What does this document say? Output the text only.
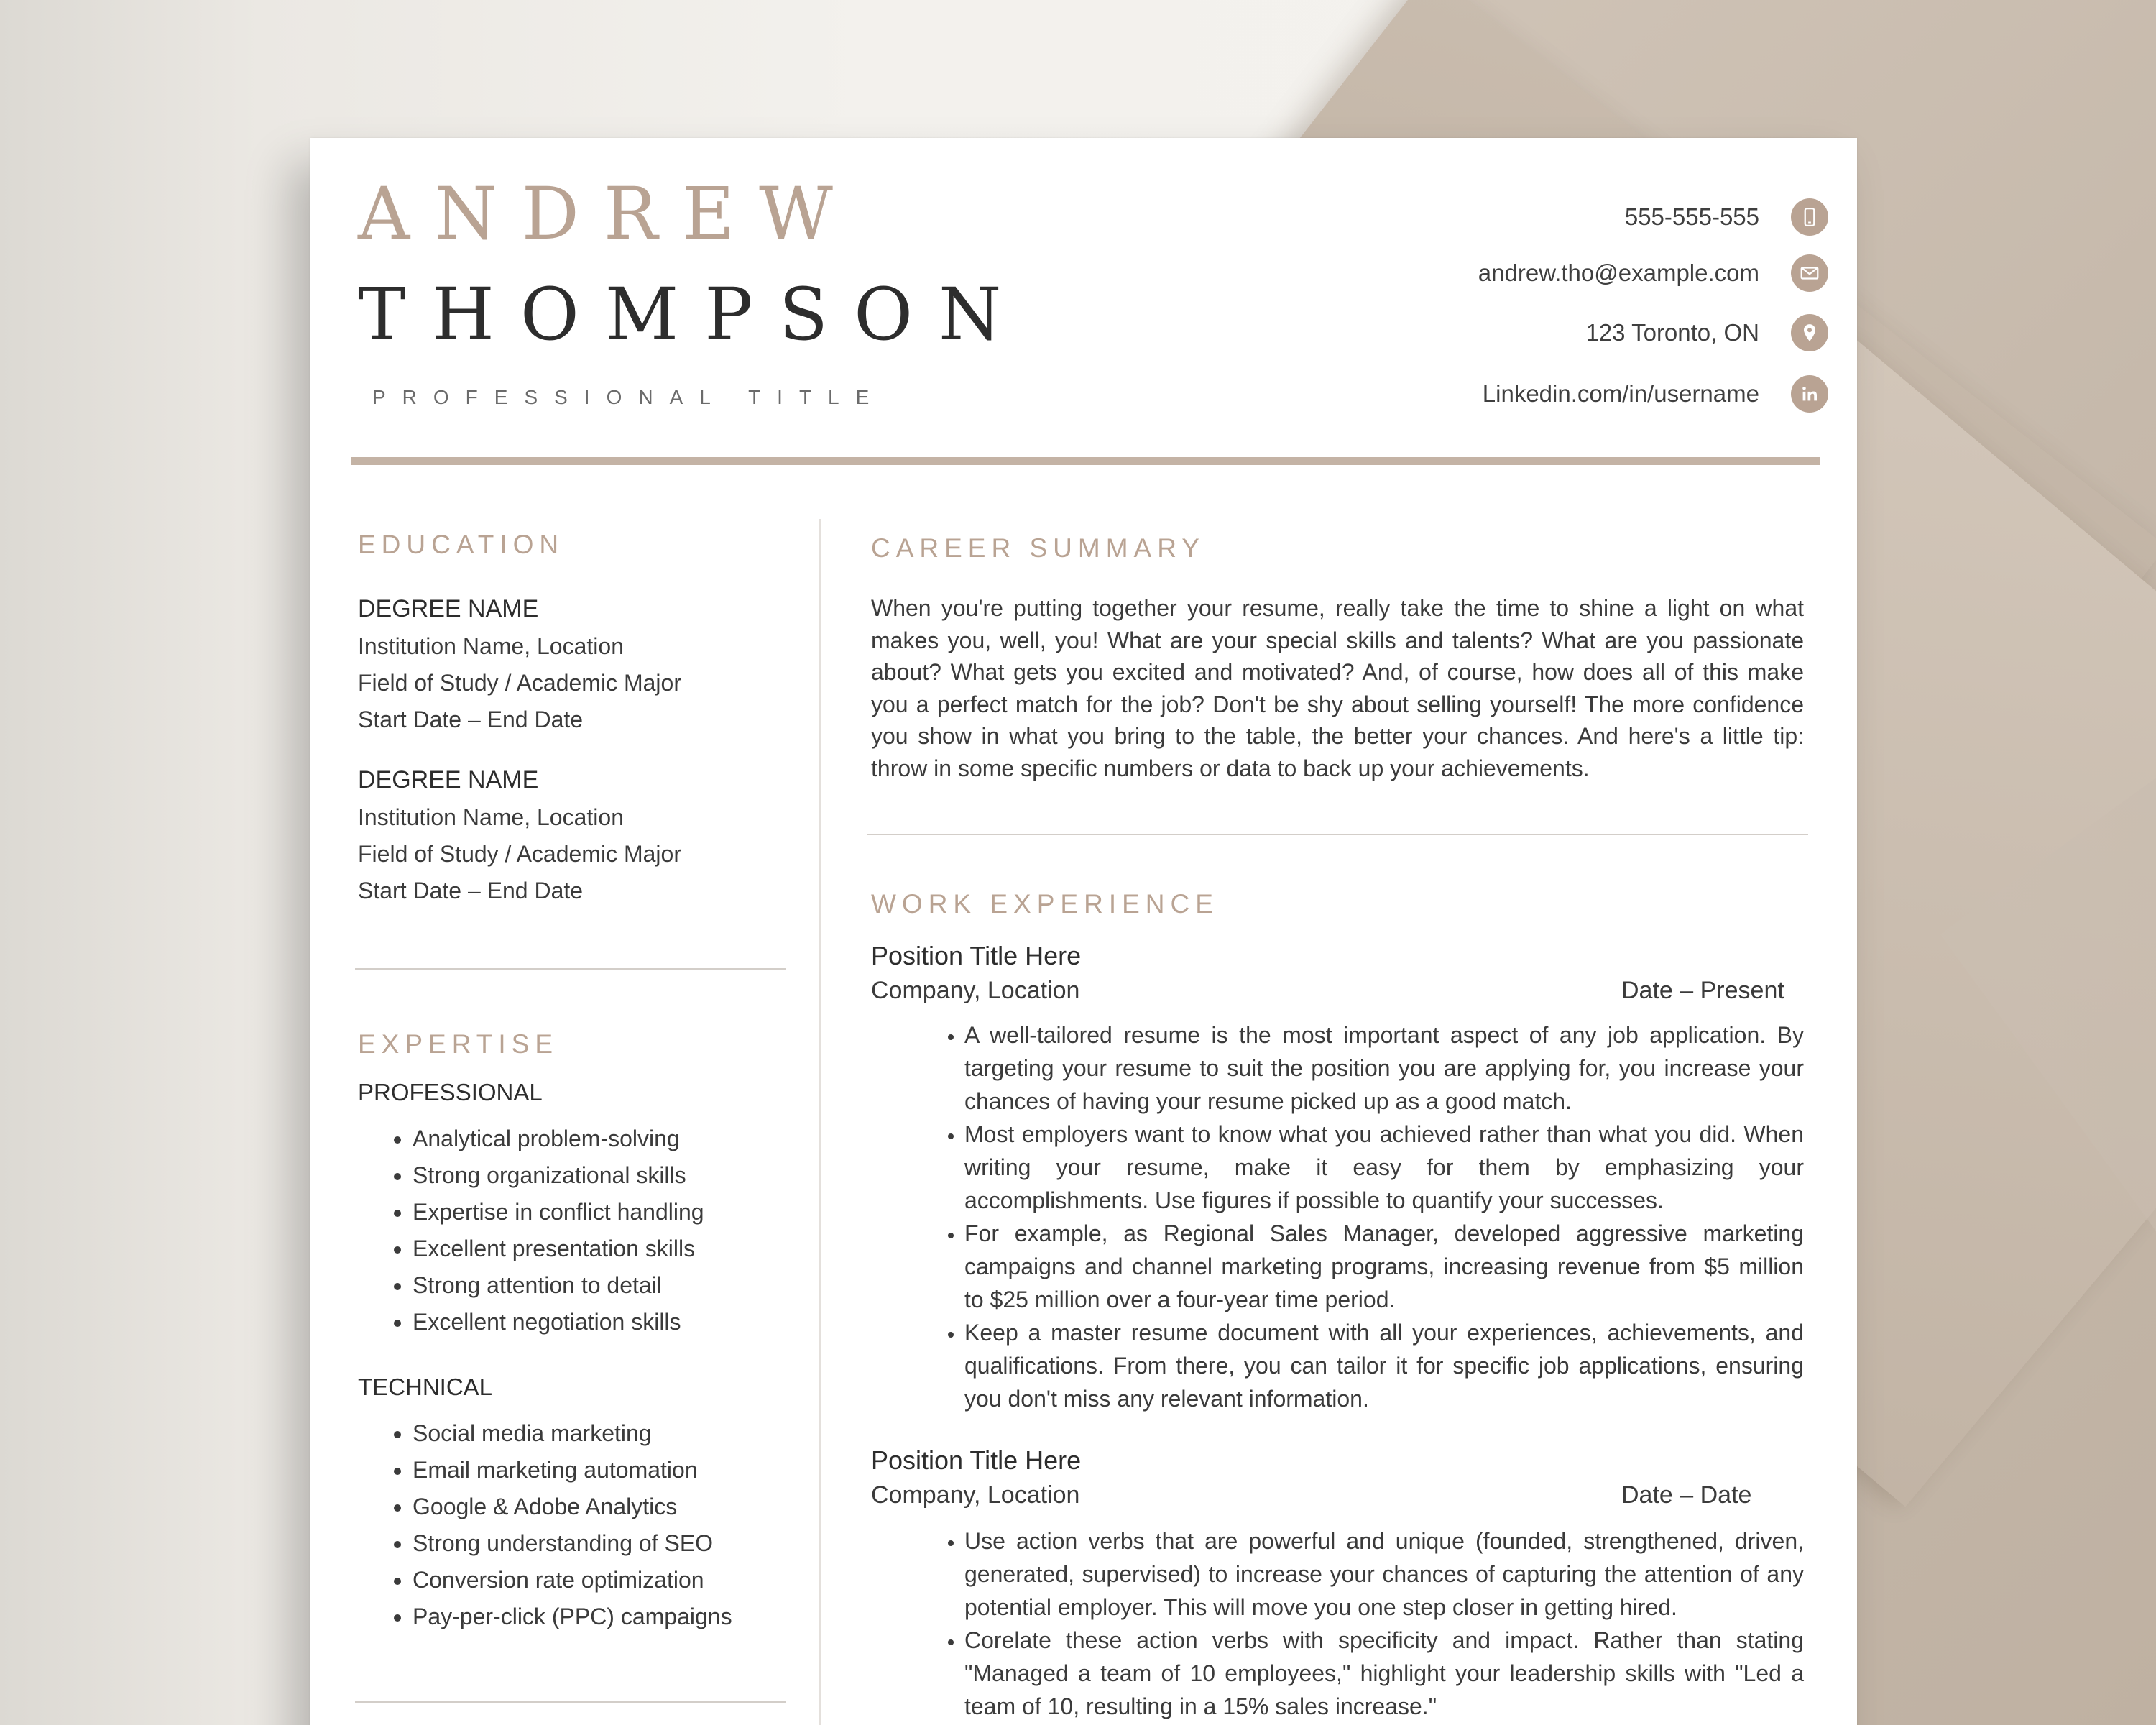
ANDREW
THOMPSON
PROFESSIONAL TITLE
555-555-555
andrew.tho@example.com
123 Toronto, ON
Linkedin.com/in/username
EDUCATION
DEGREE NAME
Institution Name, Location
Field of Study / Academic Major
Start Date – End Date
DEGREE NAME
Institution Name, Location
Field of Study / Academic Major
Start Date – End Date
EXPERTISE
PROFESSIONAL
• Analytical problem-solving
• Strong organizational skills
• Expertise in conflict handling
• Excellent presentation skills
• Strong attention to detail
• Excellent negotiation skills
TECHNICAL
• Social media marketing
• Email marketing automation
• Google & Adobe Analytics
• Strong understanding of SEO
• Conversion rate optimization
• Pay-per-click (PPC) campaigns
CAREER SUMMARY

When you're putting together your resume, really take the time to shine a light on what makes you, well, you! What are your special skills and talents? What are you passionate about? What gets you excited and motivated? And, of course, how does all of this make you a perfect match for the job? Don't be shy about selling yourself! The more confidence you show in what you bring to the table, the better your chances. And here's a little tip: throw in some specific numbers or data to back up your achievements.

WORK EXPERIENCE
Position Title Here
Company, Location	Date – Present
• A well-tailored resume is the most important aspect of any job application. By targeting your resume to suit the position you are applying for, you increase your chances of having your resume picked up as a good match.
• Most employers want to know what you achieved rather than what you did. When writing your resume, make it easy for them by emphasizing your accomplishments. Use figures if possible to quantify your successes.
• For example, as Regional Sales Manager, developed aggressive marketing campaigns and channel marketing programs, increasing revenue from $5 million to $25 million over a four-year time period.
• Keep a master resume document with all your experiences, achievements, and qualifications. From there, you can tailor it for specific job applications, ensuring you don't miss any relevant information.
Position Title Here
Company, Location	Date – Date
• Use action verbs that are powerful and unique (founded, strengthened, driven, generated, supervised) to increase your chances of capturing the attention of any potential employer. This will move you one step closer in getting hired.
• Corelate these action verbs with specificity and impact. Rather than stating "Managed a team of 10 employees," highlight your leadership skills with "Led a team of 10, resulting in a 15% sales increase."
